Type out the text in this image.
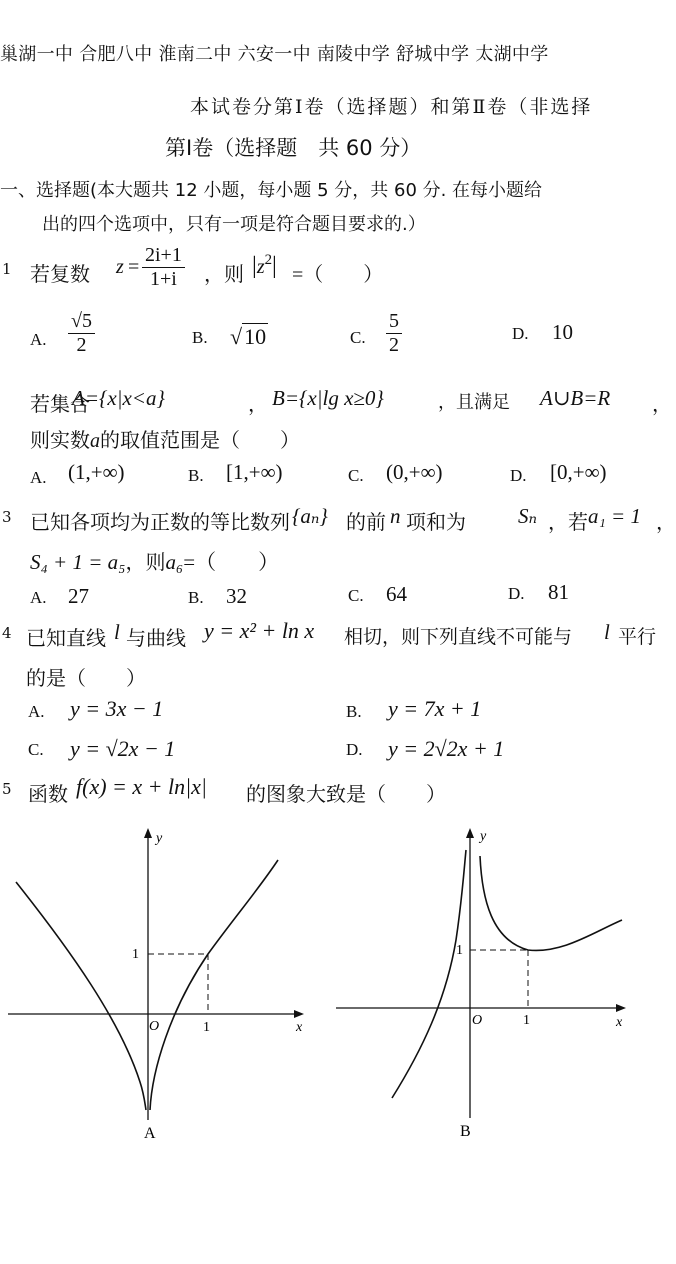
巢湖一中 合肥八中 淮南二中 六安一中 南陵中学 舒城中学 太湖中学
本试卷分第Ⅰ卷（选择题）和第Ⅱ卷（非选择
第Ⅰ卷（选择题　共 60 分）
一、选择题(本大题共 12 小题，每小题 5 分，共 60 分. 在每小题给
出的四个选项中，只有一项是符合题目要求的.）
1 若复数 $z = \frac{2i+1}{1+i}$ ，则 $|z^2|$ =（　　）
A. $\frac{√5}{2}$	B. √10	C. $\frac{5}{2}$	D. 10
若集合
A={x|x<a}	， B={x|lg x≥0}	，且满足 A∪B=R ，
则实数a的取值范围是（　　）
A. (1,+∞)	B. [1,+∞)	C. (0,+∞)	D. [0,+∞)
3 已知各项均为正数的等比数列 {aₙ} 的前 n 项和为 Sₙ ，若 a₁ = 1 ，
S₄ + 1 = a₅，则a₆=（　　）
A. 27	B. 32	C. 64	D. 81
4 已知直线 l 与曲线 y = x² + ln x 相切，则下列直线不可能与 l 平行
的是（　　）
A. y = 3x − 1	B. y = 7x + 1
C. y = √2x − 1	D. y = 2√2x + 1
5 函数 f(x) = x + ln|x| 的图象大致是（　　）
y
x
1
O	1
A
y
x
1
O	1
B
